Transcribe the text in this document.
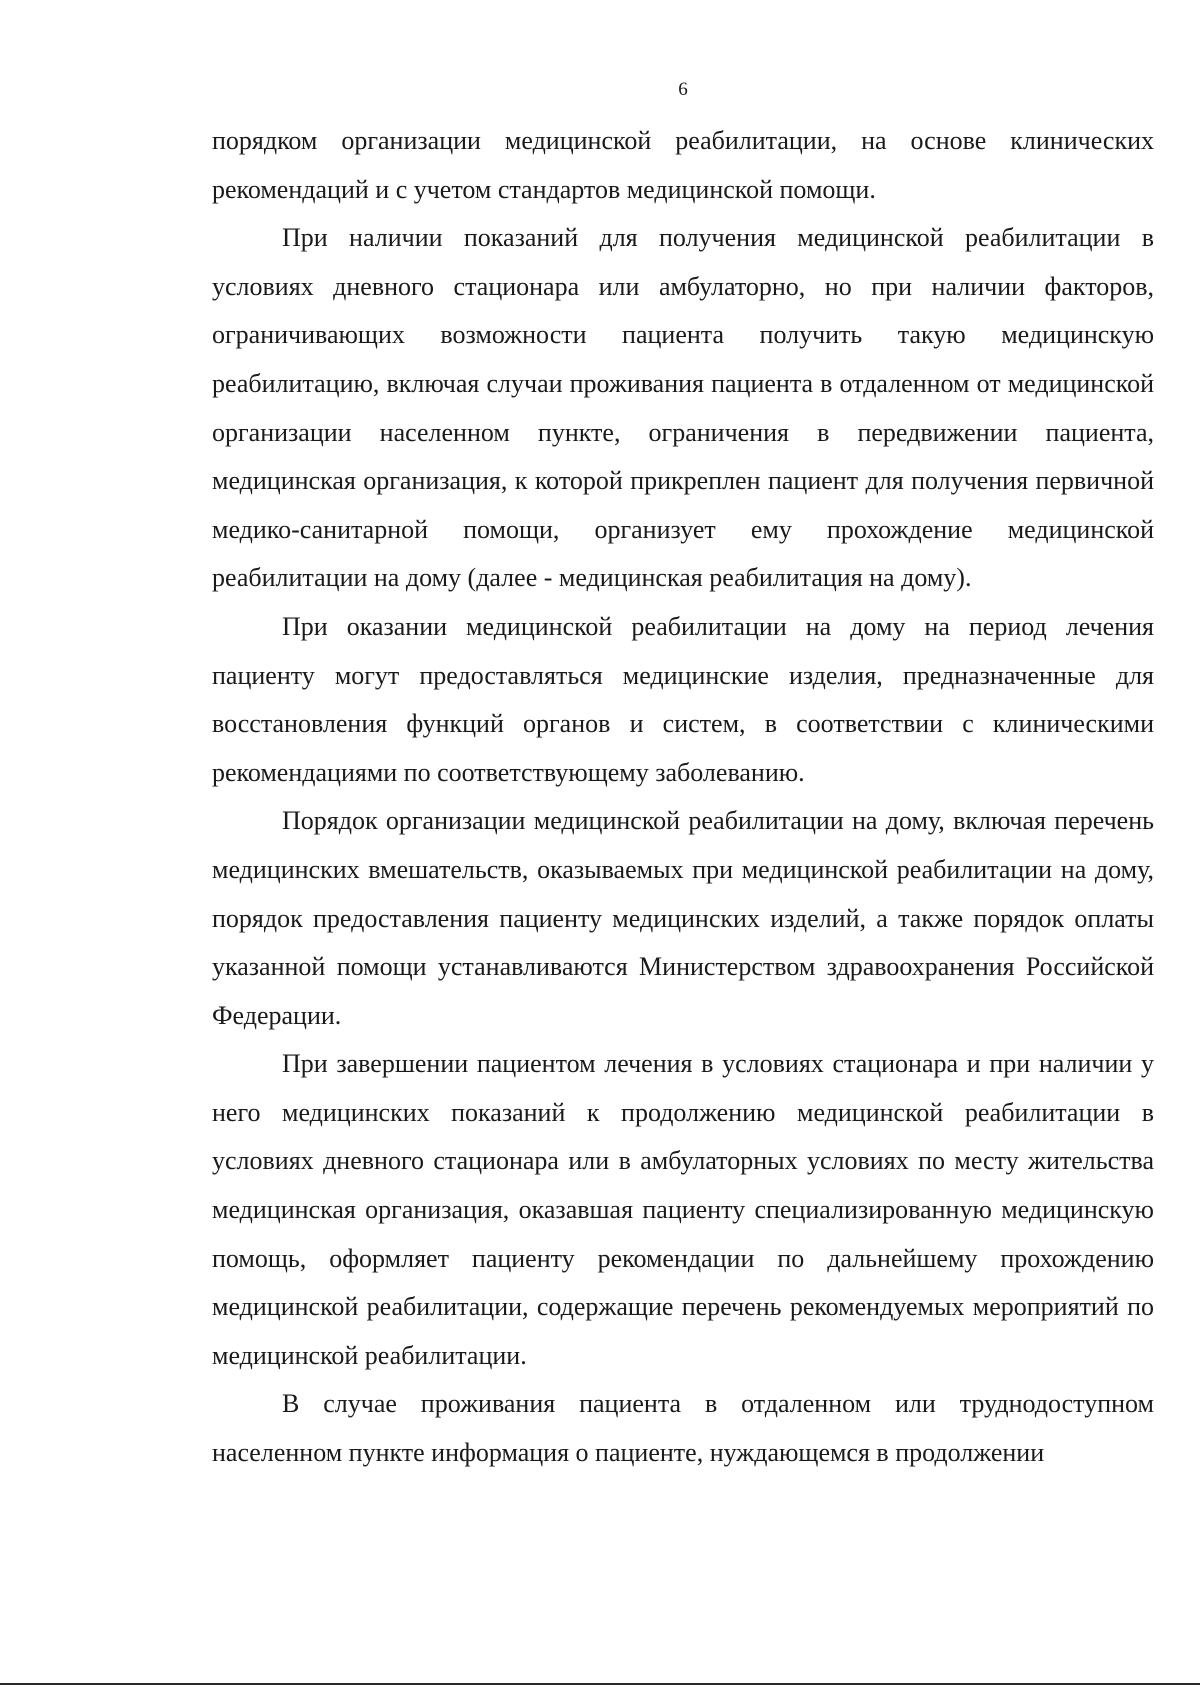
6

порядком организации медицинской реабилитации, на основе клинических рекомендаций и с учетом стандартов медицинской помощи.

При наличии показаний для получения медицинской реабилитации в условиях дневного стационара или амбулаторно, но при наличии факторов, ограничивающих возможности пациента получить такую медицинскую реабилитацию, включая случаи проживания пациента в отдаленном от медицинской организации населенном пункте, ограничения в передвижении пациента, медицинская организация, к которой прикреплен пациент для получения первичной медико-санитарной помощи, организует ему прохождение медицинской реабилитации на дому (далее - медицинская реабилитация на дому).

При оказании медицинской реабилитации на дому на период лечения пациенту могут предоставляться медицинские изделия, предназначенные для восстановления функций органов и систем, в соответствии с клиническими рекомендациями по соответствующему заболеванию.

Порядок организации медицинской реабилитации на дому, включая перечень медицинских вмешательств, оказываемых при медицинской реабилитации на дому, порядок предоставления пациенту медицинских изделий, а также порядок оплаты указанной помощи устанавливаются Министерством здравоохранения Российской Федерации.

При завершении пациентом лечения в условиях стационара и при наличии у него медицинских показаний к продолжению медицинской реабилитации в условиях дневного стационара или в амбулаторных условиях по месту жительства медицинская организация, оказавшая пациенту специализированную медицинскую помощь, оформляет пациенту рекомендации по дальнейшему прохождению медицинской реабилитации, содержащие перечень рекомендуемых мероприятий по медицинской реабилитации.

В случае проживания пациента в отдаленном или труднодоступном населенном пункте информация о пациенте, нуждающемся в продолжении
